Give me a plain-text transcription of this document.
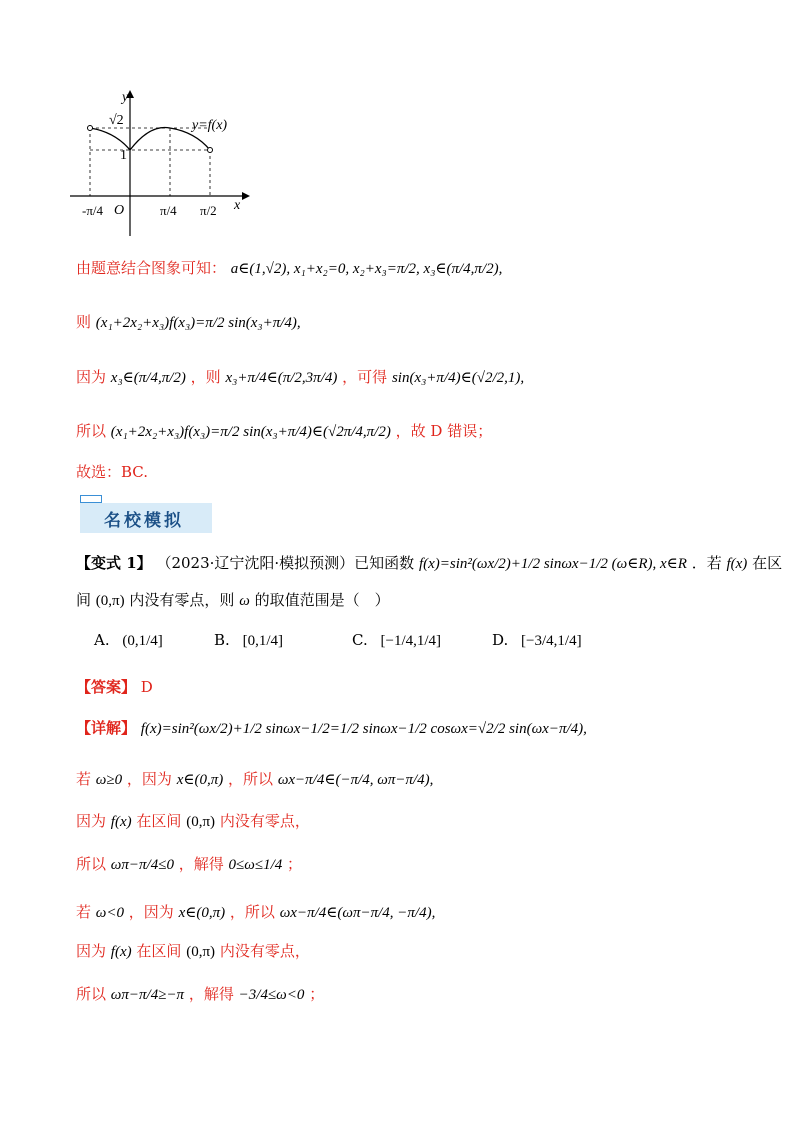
y
x
O
y=f(x)
√2
1
-π/4	π/4 π/2
由题意结合图象可知： a∈(1,√2), x₁+x₂=0, x₂+x₃=π/2, x₃∈(π/4,π/2),
则 (x₁+2x₂+x₃)f(x₃)=π/2 sin(x₃+π/4),
因为 x₃∈(π/4,π/2) ，则 x₃+π/4∈(π/2,3π/4) ，可得 sin(x₃+π/4)∈(√2/2,1),
所以 (x₁+2x₂+x₃)f(x₃)=π/2 sin(x₃+π/4)∈(√2π/4,π/2) ，故 D 错误；
故选：BC.
名校模拟
【变式 1】 （2023·辽宁沈阳·模拟预测）已知函数 f(x)=sin²(ωx/2)+1/2 sinωx−1/2 (ω∈R), x∈R ．若 f(x) 在区
间 (0,π) 内没有零点，则 ω 的取值范围是（　）
A. (0,1/4]	B. [0,1/4]	C. [−1/4,1/4]	D. [−3/4,1/4]
【答案】 D
【详解】 f(x)=sin²(ωx/2)+1/2 sinωx−1/2=1/2 sinωx−1/2 cosωx=√2/2 sin(ωx−π/4),
若 ω≥0 ，因为 x∈(0,π) ，所以 ωx−π/4∈(−π/4, ωπ−π/4),
因为 f(x) 在区间 (0,π) 内没有零点，
所以 ωπ−π/4≤0 ，解得 0≤ω≤1/4 ；
若 ω<0 ，因为 x∈(0,π) ，所以 ωx−π/4∈(ωπ−π/4, −π/4),
因为 f(x) 在区间 (0,π) 内没有零点，
所以 ωπ−π/4≥−π ，解得 −3/4≤ω<0 ；
